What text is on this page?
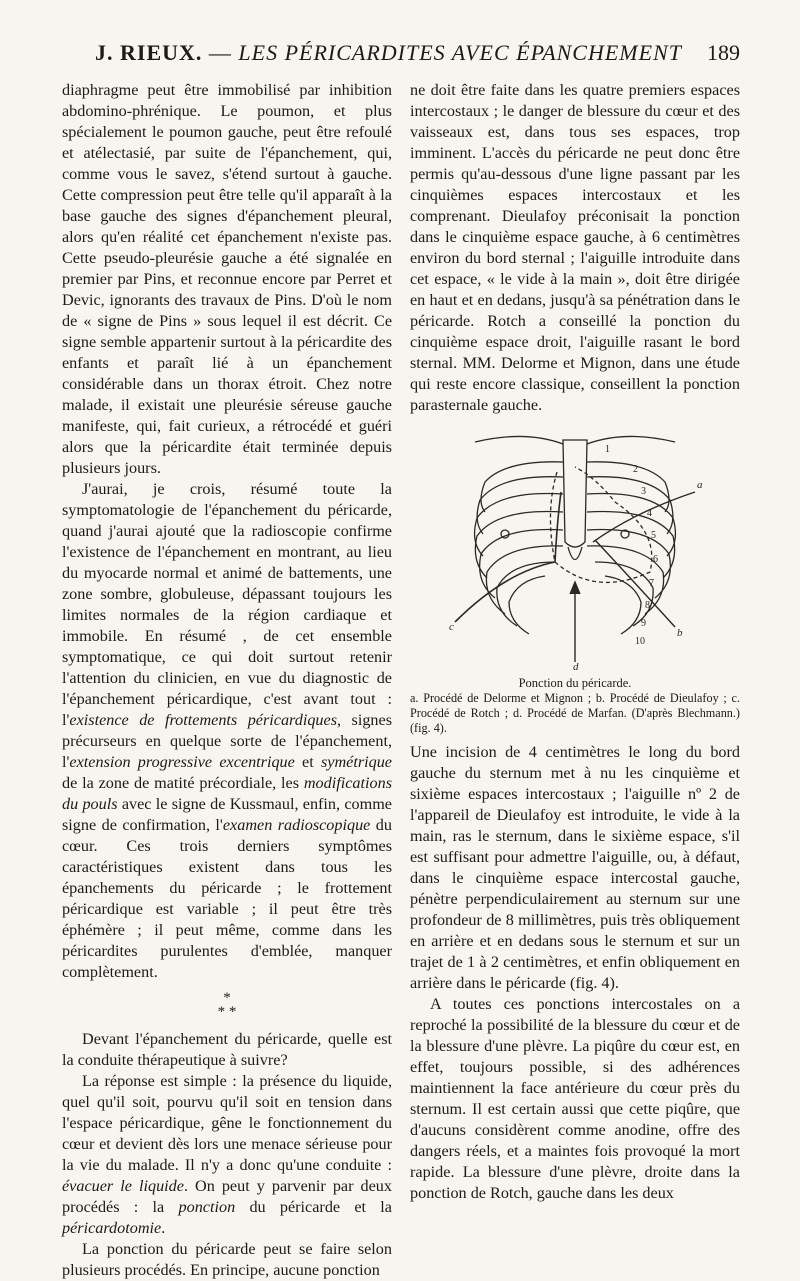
J. RIEUX. — LES PÉRICARDITES AVEC ÉPANCHEMENT 189

diaphragme peut être immobilisé par inhibition abdomino-phrénique. Le poumon, et plus spécialement le poumon gauche, peut être refoulé et atélectasié, par suite de l'épanchement, qui, comme vous le savez, s'étend surtout à gauche. Cette compression peut être telle qu'il apparaît à la base gauche des signes d'épanchement pleural, alors qu'en réalité cet épanchement n'existe pas. Cette pseudo-pleurésie gauche a été signalée en premier par Pins, et reconnue encore par Perret et Devic, ignorants des travaux de Pins. D'où le nom de « signe de Pins » sous lequel il est décrit. Ce signe semble appartenir surtout à la péricardite des enfants et paraît lié à un épanchement considérable dans un thorax étroit. Chez notre malade, il existait une pleurésie séreuse gauche manifeste, qui, fait curieux, a rétrocédé et guéri alors que la péricardite était terminée depuis plusieurs jours.

J'aurai, je crois, résumé toute la symptomatologie de l'épanchement du péricarde, quand j'aurai ajouté que la radioscopie confirme l'existence de l'épanchement en montrant, au lieu du myocarde normal et animé de battements, une zone sombre, globuleuse, dépassant toujours les limites normales de la région cardiaque et immobile. En résumé , de cet ensemble symptomatique, ce qui doit surtout retenir l'attention du clinicien, en vue du diagnostic de l'épanchement péricardique, c'est avant tout : l'existence de frottements péricardiques, signes précurseurs en quelque sorte de l'épanchement, l'extension progressive excentrique et symétrique de la zone de matité précordiale, les modifications du pouls avec le signe de Kussmaul, enfin, comme signe de confirmation, l'examen radioscopique du cœur. Ces trois derniers symptômes caractéristiques existent dans tous les épanchements du péricarde ; le frottement péricardique est variable ; il peut être très éphémère ; il peut même, comme dans les péricardites purulentes d'emblée, manquer complètement.

*
* *

Devant l'épanchement du péricarde, quelle est la conduite thérapeutique à suivre?

La réponse est simple : la présence du liquide, quel qu'il soit, pourvu qu'il soit en tension dans l'espace péricardique, gêne le fonctionnement du cœur et devient dès lors une menace sérieuse pour la vie du malade. Il n'y a donc qu'une conduite : évacuer le liquide. On peut y parvenir par deux procédés : la ponction du péricarde et la péricardotomie.

La ponction du péricarde peut se faire selon plusieurs procédés. En principe, aucune ponction

ne doit être faite dans les quatre premiers espaces intercostaux ; le danger de blessure du cœur et des vaisseaux est, dans tous ses espaces, trop imminent. L'accès du péricarde ne peut donc être permis qu'au-dessous d'une ligne passant par les cinquièmes espaces intercostaux et les comprenant. Dieulafoy préconisait la ponction dans le cinquième espace gauche, à 6 centimètres environ du bord sternal ; l'aiguille introduite dans cet espace, « le vide à la main », doit être dirigée en haut et en dedans, jusqu'à sa pénétration dans le péricarde. Rotch a conseillé la ponction du cinquième espace droit, l'aiguille rasant le bord sternal. MM. Delorme et Mignon, dans une étude qui reste encore classique, conseillent la ponction parasternale gauche.

a
b
c
d
1
2
3
4
5
6
7
8
9
10
Ponction du péricarde.
a. Procédé de Delorme et Mignon ; b. Procédé de Dieulafoy ; c. Procédé de Rotch ; d. Procédé de Marfan. (D'après Blechmann.) (fig. 4).

Une incision de 4 centimètres le long du bord gauche du sternum met à nu les cinquième et sixième espaces intercostaux ; l'aiguille nº 2 de l'appareil de Dieulafoy est introduite, le vide à la main, ras le sternum, dans le sixième espace, s'il est suffisant pour admettre l'aiguille, ou, à défaut, dans le cinquième espace intercostal gauche, pénètre perpendiculairement au sternum sur une profondeur de 8 millimètres, puis très obliquement en arrière et en dedans sous le sternum et sur un trajet de 1 à 2 centimètres, et enfin obliquement en arrière dans le péricarde (fig. 4).

A toutes ces ponctions intercostales on a reproché la possibilité de la blessure du cœur et de la blessure d'une plèvre. La piqûre du cœur est, en effet, toujours possible, si des adhérences maintiennent la face antérieure du cœur près du sternum. Il est certain aussi que cette piqûre, que d'aucuns considèrent comme anodine, offre des dangers réels, et a maintes fois provoqué la mort rapide. La blessure d'une plèvre, droite dans la ponction de Rotch, gauche dans les deux
